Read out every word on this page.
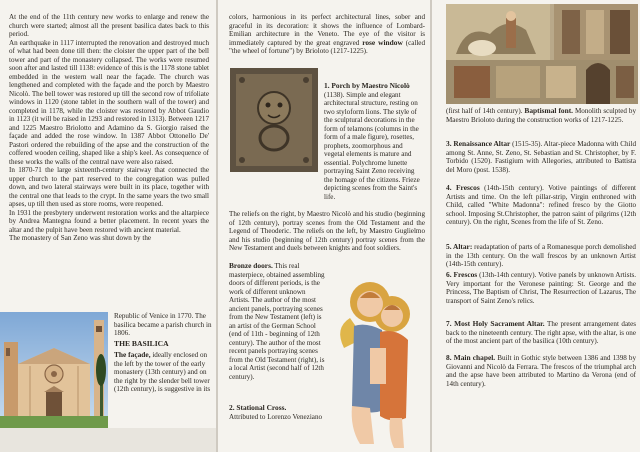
At the end of the 11th century new works to enlarge and renew the church were started; almost all the present basilica dates back to this period.

An earthquake in 1117 interrupted the renovation and destroyed much of what had been done till then: the cloister the upper part of the bell tower and part of the monastery collapsed. The works were resumed soon after and lasted till 1138: evidence of this is the 1178 stone tablet embedded in the western wall near the façade. The church was lengthened and completed with the façade and the porch by Maestro Nicolò. The bell tower was restored up till the second row of trifoliate windows in 1120 (stone tablet in the southern wall of the tower) and completed in 1178, while the cloister was restored by Abbot Gaudio in 1123 (it will be raised in 1293 and restored in 1313). Between 1217 and 1225 Maestro Briolotto and Adamino da S. Giorgio raised the façade and added the rose window. In 1387 Abbot Ottonello De' Pastori ordered the rebuilding of the apse and the construction of the coffered wooden ceiling, shaped like a ship's keel. As consequence of these works the walls of the central nave were also raised.

In 1870-71 the large sixteenth-century stairway that connected the upper church to the part reserved to the congregation was pulled down, and two lateral stairways were built in its place, together with the central one that leads to the crypt. In the same years the two small apses, up till then used as store rooms, were reopened.

In 1931 the presbytery underwent restoration works and the altarpiece by Andrea Mantegna found a better placement. In recent years the altar and the pulpit have been restored with ancient material.

The monastery of San Zeno was shut down by the

Republic of Venice in 1770. The basilica became a parish church in 1806.
THE BASILICA
The façade, ideally enclosed on the left by the tower of the early monastery (13th century) and on the right by the slender bell tower (12th century), is suggestive in its
colors, harmonious in its perfect architectural lines, sober and graceful in its decoration: it shows the influence of Lombard-Emilian architecture in the Veneto. The eye of the visitor is immediately captured by the great engraved rose window (called "the wheel of fortune") by Brioloto (1217-1225).
1. Porch by Maestro Nicolò (1138). Simple and elegant architectural structure, resting on two styloform lions. The style of the sculptural decorations in the form of telamons (columns in the form of a male figure), rosettes, prophets, zoomorphous and vegetal elements is mature and essential. Polychrome lunette portraying Saint Zeno receiving the homage of the citizens. Frieze depicting scenes from the Saint's life.
The reliefs on the right, by Maestro Nicolò and his studio (beginning of 12th century), portray scenes from the Old Testament and the Legend of Theoderic. The reliefs on the left, by Maestro Guglielmo and his studio (beginning of 12th century) portray scenes from the New Testament and duels between knights and foot soldiers.
Bronze doors. This real masterpiece, obtained assembling doors of different periods, is the work of different unknown Artists. The author of the most ancient panels, portraying scenes from the New Testament (left) is an artist of the German School (end of 11th - beginning of 12th century). The author of the most recent panels portraying scenes from the Old Testament (right), is a local Artist (second half of 12th century).
2. Stational Cross.
Attributed to Lorenzo Veneziano
(first half of 14th century). Baptismal font. Monolith sculpted by Maestro Brioloto during the construction works of 1217-1225.
3. Renaissance Altar (1515-35). Altar-piece Madonna with Child among St. Anne, St. Zeno, St. Sebastian and St. Christopher, by F. Torbido (1520). Fastigium with Allegories, attributed to Battista del Moro (post. 1538).
4. Frescos (14th-15th century). Votive paintings of different Artists and time. On the left pillar-strip, Virgin enthroned with Child, called "White Madonna": refined fresco by the Giotto school. Imposing St.Christopher, the patron saint of pilgrims (12th century). On the right, Scenes from the life of St. Zeno.
5. Altar: readaptation of parts of a Romanesque porch demolished in the 13th century. On the wall frescos by an unknown Artist (14th-15th century).
6. Frescos (13th-14th century). Votive panels by unknown Artists. Very important for the Veronese painting: St. George and the Princess, The Baptism of Christ, The Resurrection of Lazarus, The transport of Saint Zeno's relics.
7. Most Holy Sacrament Altar. The present arrangement dates back to the nineteenth century. The right apse, with the altar, is one of the most ancient part of the basilica (10th century).
8. Main chapel. Built in Gothic style between 1386 and 1398 by Giovanni and Nicolò da Ferrara. The frescos of the triumphal arch and the apse have been attributed to Martino da Verona (end of 14th century).
